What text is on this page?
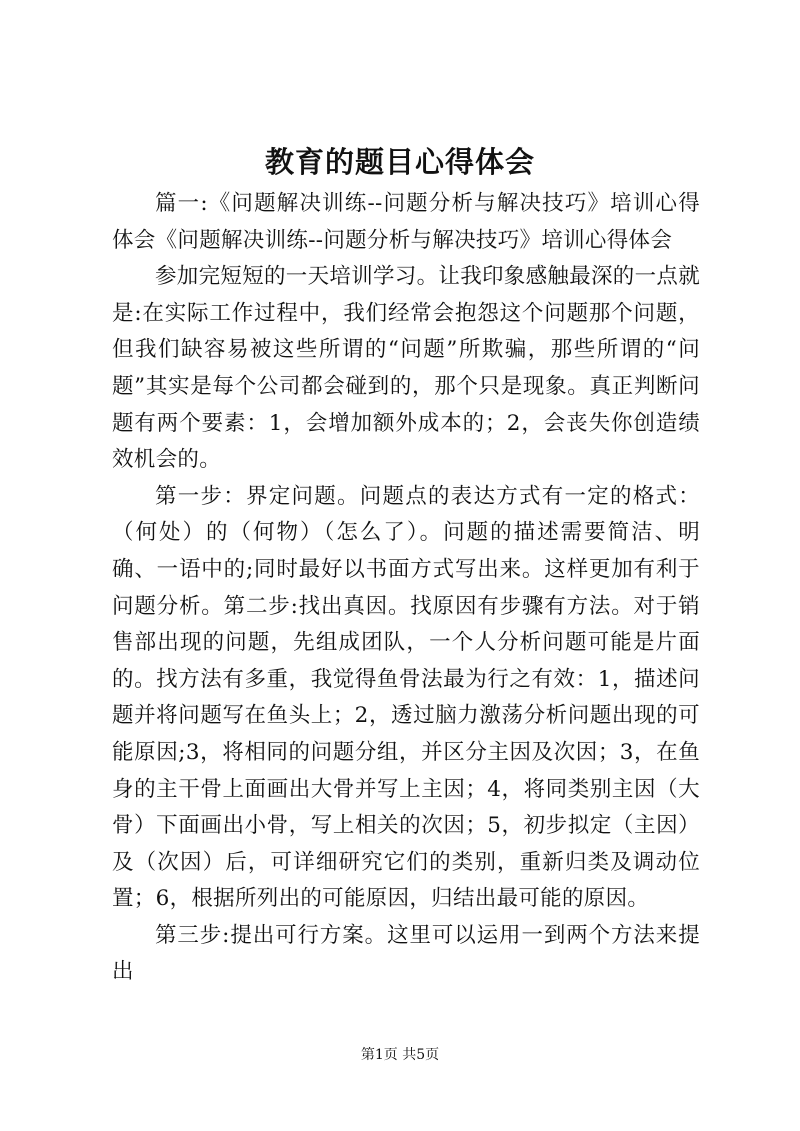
教育的题目心得体会

篇一:《问题解决训练--问题分析与解决技巧》培训心得体会《问题解决训练--问题分析与解决技巧》培训心得体会

参加完短短的一天培训学习。让我印象感触最深的一点就是:在实际工作过程中，我们经常会抱怨这个问题那个问题，但我们缺容易被这些所谓的“问题”所欺骗，那些所谓的“问题”其实是每个公司都会碰到的，那个只是现象。真正判断问题有两个要素：1，会增加额外成本的；2，会丧失你创造绩效机会的。

第一步：界定问题。问题点的表达方式有一定的格式：（何处）的（何物）（怎么了）。问题的描述需要简洁、明确、一语中的;同时最好以书面方式写出来。这样更加有利于问题分析。第二步:找出真因。找原因有步骤有方法。对于销售部出现的问题，先组成团队，一个人分析问题可能是片面的。找方法有多重，我觉得鱼骨法最为行之有效：1，描述问题并将问题写在鱼头上；2，透过脑力激荡分析问题出现的可能原因;3，将相同的问题分组，并区分主因及次因；3，在鱼身的主干骨上面画出大骨并写上主因；4，将同类别主因（大骨）下面画出小骨，写上相关的次因；5，初步拟定（主因）及（次因）后，可详细研究它们的类别，重新归类及调动位置；6，根据所列出的可能原因，归结出最可能的原因。

第三步:提出可行方案。这里可以运用一到两个方法来提出

第1页 共5页
